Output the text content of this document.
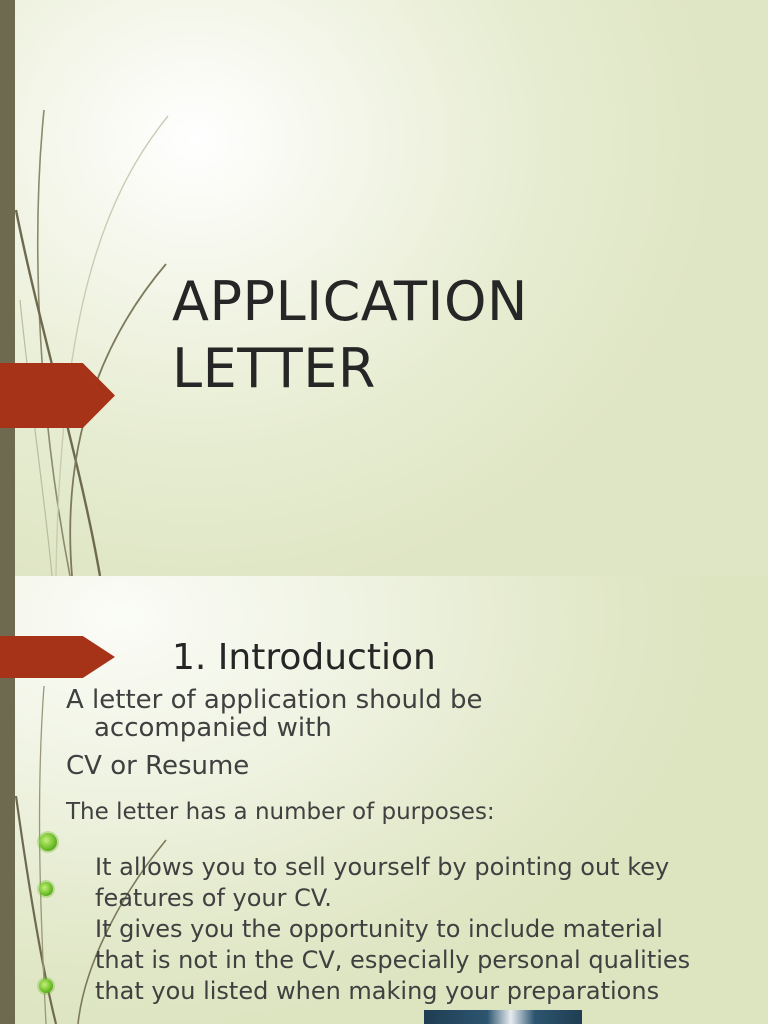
APPLICATION
LETTER
1. Introduction

A letter of application should be
accompanied with

CV or Resume

The letter has a number of purposes:

It allows you to sell yourself by pointing out key features of your CV.
It gives you the opportunity to include material that is not in the CV, especially personal qualities that you listed when making your preparations
